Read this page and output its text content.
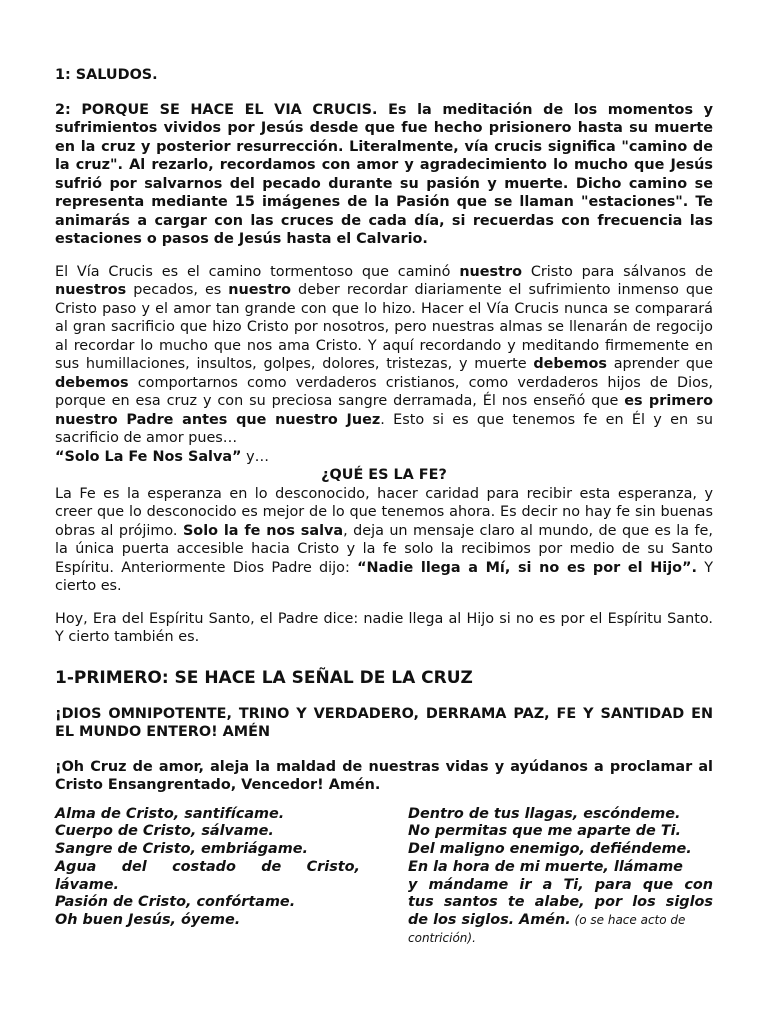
1: SALUDOS.

2: PORQUE SE HACE EL VIA CRUCIS. Es la meditación de los momentos y sufrimientos vividos por Jesús desde que fue hecho prisionero hasta su muerte en la cruz y posterior resurrección. Literalmente, vía crucis significa "camino de la cruz". Al rezarlo, recordamos con amor y agradecimiento lo mucho que Jesús sufrió por salvarnos del pecado durante su pasión y muerte. Dicho camino se representa mediante 15 imágenes de la Pasión que se llaman "estaciones". Te animarás a cargar con las cruces de cada día, si recuerdas con frecuencia las estaciones o pasos de Jesús hasta el Calvario.

El Vía Crucis es el camino tormentoso que caminó nuestro Cristo para sálvanos de nuestros pecados, es nuestro deber recordar diariamente el sufrimiento inmenso que Cristo paso y el amor tan grande con que lo hizo. Hacer el Vía Crucis nunca se comparará al gran sacrificio que hizo Cristo por nosotros, pero nuestras almas se llenarán de regocijo al recordar lo mucho que nos ama Cristo. Y aquí recordando y meditando firmemente en sus humillaciones, insultos, golpes, dolores, tristezas, y muerte debemos aprender que debemos comportarnos como verdaderos cristianos, como verdaderos hijos de Dios, porque en esa cruz y con su preciosa sangre derramada, Él nos enseñó que es primero nuestro Padre antes que nuestro Juez. Esto si es que tenemos fe en Él y en su sacrificio de amor pues…
“Solo La Fe Nos Salva” y…

¿QUÉ ES LA FE?

La Fe es la esperanza en lo desconocido, hacer caridad para recibir esta esperanza, y creer que lo desconocido es mejor de lo que tenemos ahora. Es decir no hay fe sin buenas obras al prójimo. Solo la fe nos salva, deja un mensaje claro al mundo, de que es la fe, la única puerta accesible hacia Cristo y la fe solo la recibimos por medio de su Santo Espíritu. Anteriormente Dios Padre dijo: “Nadie llega a Mí, si no es por el Hijo”. Y cierto es.

Hoy, Era del Espíritu Santo, el Padre dice: nadie llega al Hijo si no es por el Espíritu Santo. Y cierto también es.

1-PRIMERO: SE HACE LA SEÑAL DE LA CRUZ

¡DIOS OMNIPOTENTE, TRINO Y VERDADERO, DERRAMA PAZ, FE Y SANTIDAD EN EL MUNDO ENTERO! AMÉN

¡Oh Cruz de amor, aleja la maldad de nuestras vidas y ayúdanos a proclamar al Cristo Ensangrentado, Vencedor! Amén.

Alma de Cristo, santifícame.
Cuerpo de Cristo, sálvame.
Sangre de Cristo, embriágame.
Agua del costado de Cristo,
lávame.
Pasión de Cristo, confórtame.
Oh buen Jesús, óyeme.
Dentro de tus llagas, escóndeme.
No permitas que me aparte de Ti.
Del maligno enemigo, defiéndeme.
En la hora de mi muerte, llámame
y mándame ir a Ti, para que con
tus santos te alabe, por los siglos
de los siglos. Amén. (o se hace acto de contrición).
